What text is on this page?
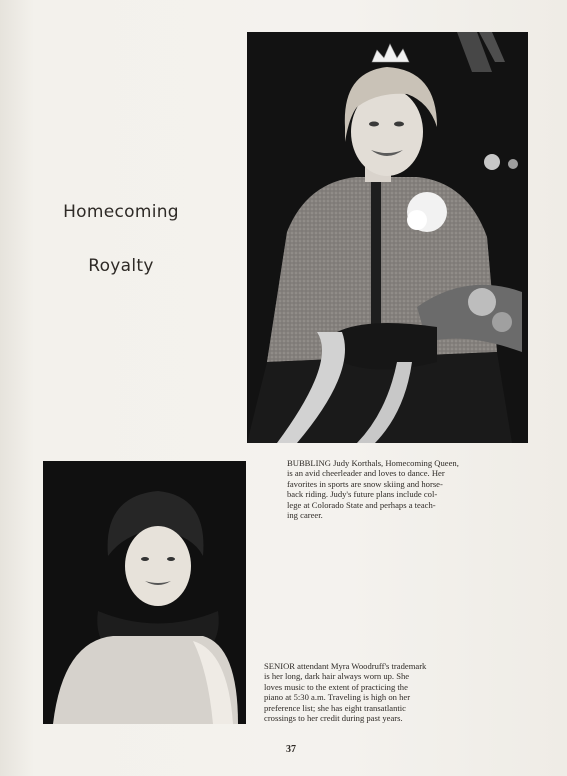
Homecoming
Royalty

BUBBLING Judy Korthals, Homecoming Queen,

is an avid cheerleader and loves to dance. Her

favorites in sports are snow skiing and horse-

back riding. Judy's future plans include col-

lege at Colorado State and perhaps a teach-

ing career.

SENIOR attendant Myra Woodruff's trademark

is her long, dark hair always worn up. She

loves music to the extent of practicing the

piano at 5:30 a.m. Traveling is high on her

preference list; she has eight transatlantic

crossings to her credit during past years.

37
